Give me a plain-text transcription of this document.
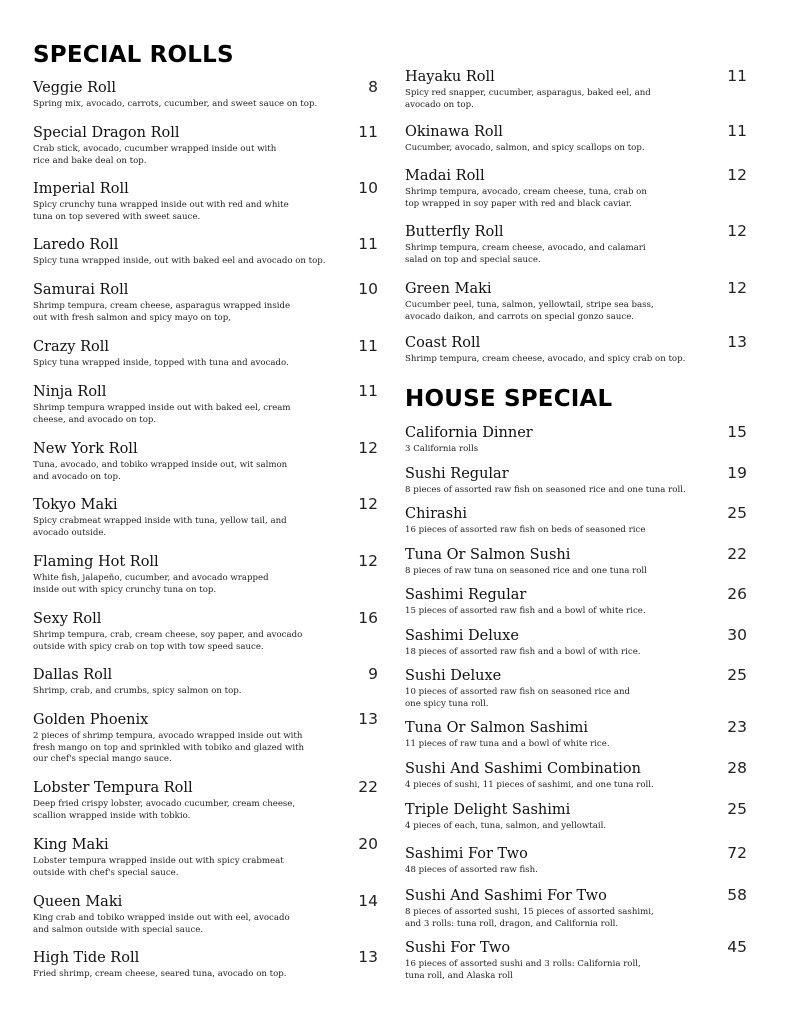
SPECIAL ROLLS
Veggie Roll	8
Spring mix, avocado, carrots, cucumber, and sweet sauce on top.
Special Dragon Roll	11
Crab stick, avocado, cucumber wrapped inside out with
rice and bake deal on top.
Imperial Roll	10
Spicy crunchy tuna wrapped inside out with red and white
tuna on top severed with sweet sauce.
Laredo Roll	11
Spicy tuna wrapped inside, out with baked eel and avocado on top.
Samurai Roll	10
Shrimp tempura, cream cheese, asparagus wrapped inside
out with fresh salmon and spicy mayo on top,
Crazy Roll	11
Spicy tuna wrapped inside, topped with tuna and avocado.
Ninja Roll	11
Shrimp tempura wrapped inside out with baked eel, cream
cheese, and avocado on top.
New York Roll	12
Tuna, avocado, and tobiko wrapped inside out, wit salmon
and avocado on top.
Tokyo Maki	12
Spicy crabmeat wrapped inside with tuna, yellow tail, and
avocado outside.
Flaming Hot Roll	12
White fish, jalapeño, cucumber, and avocado wrapped
inside out with spicy crunchy tuna on top.
Sexy Roll	16
Shrimp tempura, crab, cream cheese, soy paper, and avocado
outside with spicy crab on top with tow speed sauce.
Dallas Roll	9
Shrimp, crab, and crumbs, spicy salmon on top.
Golden Phoenix	13
2 pieces of shrimp tempura, avocado wrapped inside out with
fresh mango on top and sprinkled with tobiko and glazed with
our chef's special mango sauce.
Lobster Tempura Roll	22
Deep fried crispy lobster, avocado cucumber, cream cheese,
scallion wrapped inside with tobkio.
King Maki	20
Lobster tempura wrapped inside out with spicy crabmeat
outside with chef's special sauce.
Queen Maki	14
King crab and tobiko wrapped inside out with eel, avocado
and salmon outside with special sauce.
High Tide Roll	13
Fried shrimp, cream cheese, seared tuna, avocado on top.
Hayaku Roll	11
Spicy red snapper, cucumber, asparagus, baked eel, and
avocado on top.
Okinawa Roll	11
Cucumber, avocado, salmon, and spicy scallops on top.
Madai Roll	12
Shrimp tempura, avocado, cream cheese, tuna, crab on
top wrapped in soy paper with red and black caviar.
Butterfly Roll	12
Shrimp tempura, cream cheese, avocado, and calamari
salad on top and special sauce.
Green Maki	12
Cucumber peel, tuna, salmon, yellowtail, stripe sea bass,
avocado daikon, and carrots on special gonzo sauce.
Coast Roll	13
Shrimp tempura, cream cheese, avocado, and spicy crab on top.
HOUSE SPECIAL
California Dinner	15
3 California rolls
Sushi Regular	19
8 pieces of assorted raw fish on seasoned rice and one tuna roll.
Chirashi	25
16 pieces of assorted raw fish on beds of seasoned rice
Tuna Or Salmon Sushi	22
8 pieces of raw tuna on seasoned rice and one tuna roll
Sashimi Regular	26
15 pieces of assorted raw fish and a bowl of white rice.
Sashimi Deluxe	30
18 pieces of assorted raw fish and a bowl of with rice.
Sushi Deluxe	25
10 pieces of assorted raw fish on seasoned rice and
one spicy tuna roll.
Tuna Or Salmon Sashimi	23
11 pieces of raw tuna and a bowl of white rice.
Sushi And Sashimi Combination	28
4 pieces of sushi, 11 pieces of sashimi, and one tuna roll.
Triple Delight Sashimi	25
4 pieces of each, tuna, salmon, and yellowtail.
Sashimi For Two	72
48 pieces of assorted raw fish.
Sushi And Sashimi For Two	58
8 pieces of assorted sushi, 15 pieces of assorted sashimi,
and 3 rolls: tuna roll, dragon, and California roll.
Sushi For Two	45
16 pieces of assorted sushi and 3 rolls: California roll,
tuna roll, and Alaska roll
